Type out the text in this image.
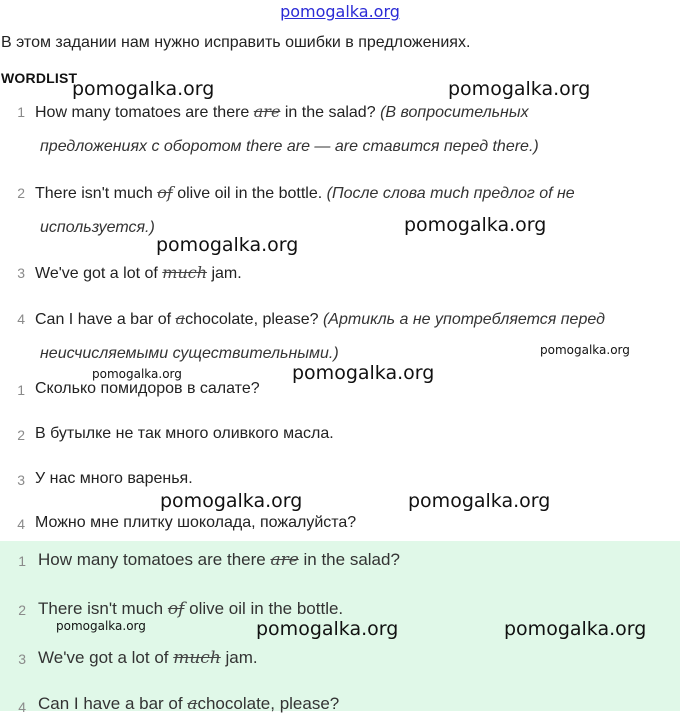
pomogalka.org
В этом задании нам нужно исправить ошибки в предложениях.
WORDLIST
1 How many tomatoes are there are in the salad? (В вопросительных
предложениях с оборотом there are — are ставится перед there.)
2 There isn't much of olive oil in the bottle. (После слова much предлог of не
используется.)
3 We've got a lot of much jam.
4 Can I have a bar of achocolate, please? (Артикль a не употребляется перед
неисчисляемыми существительными.)
1 Сколько помидоров в салате?
2 В бутылке не так много оливкого масла.
3 У нас много варенья.
4 Можно мне плитку шоколада, пожалуйста?
1 How many tomatoes are there are in the salad?
2 There isn't much of olive oil in the bottle.
3 We've got a lot of much jam.
4 Can I have a bar of achocolate, please?
pomogalka.org	pomogalka.org
pomogalka.org
pomogalka.org
pomogalka.org
pomogalka.org	pomogalka.org
pomogalka.org	pomogalka.org
pomogalka.org	pomogalka.org	pomogalka.org
